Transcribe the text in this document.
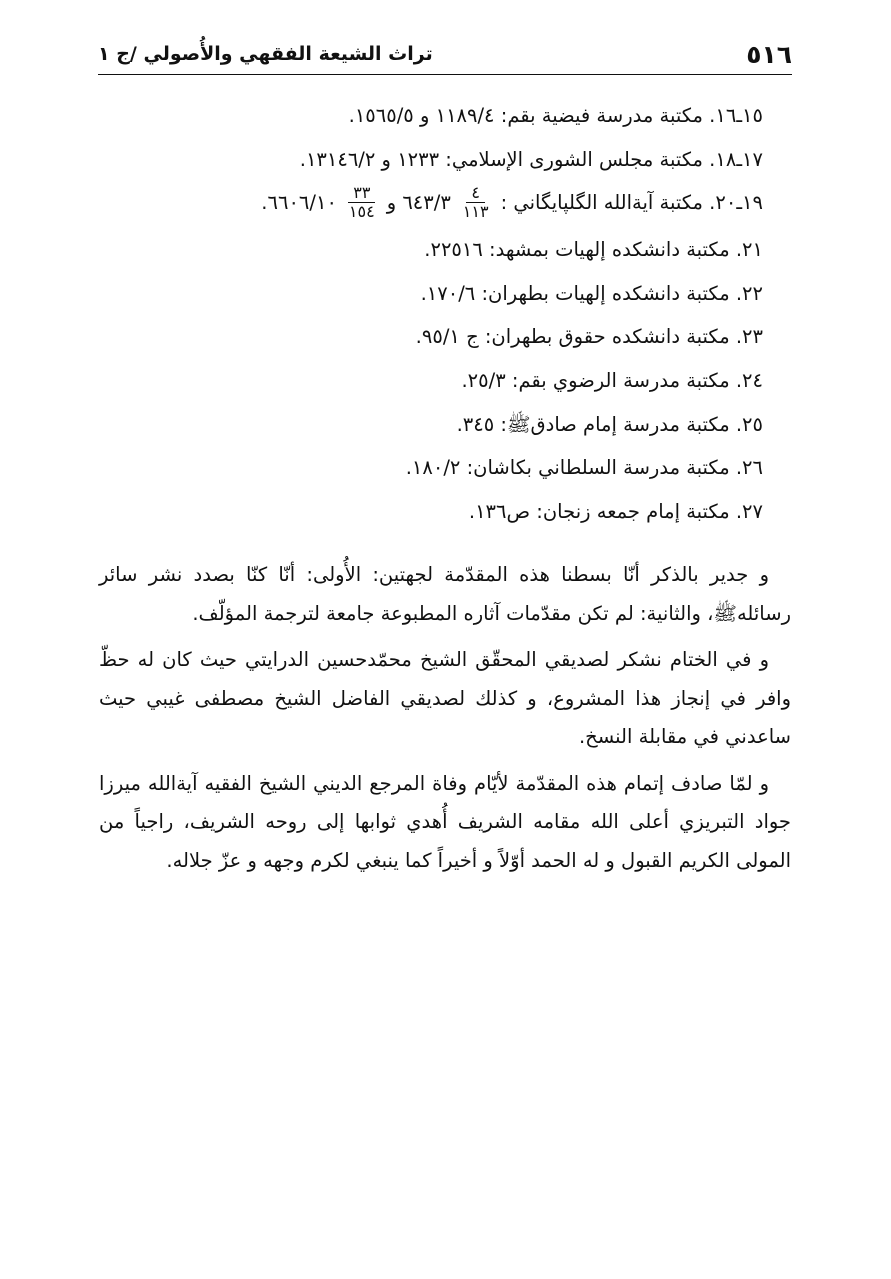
٥١٦
تراث الشيعة الفقهي والأُصولي /ج ١
١٥ـ١٦. مكتبة مدرسة فيضية بقم: ١١٨٩/٤ و ١٥٦٥/٥.
١٧ـ١٨. مكتبة مجلس الشورى الإسلامي: ١٢٣٣ و ١٣١٤٦/٢.
١٩ـ٢٠. مكتبة آيةالله الگلپايگاني :
$\frac{٤}{١١٣}$
٦٤٣/٣ و
$\frac{٣٣}{١٥٤}$
٦٦٠٦/١٠.
٢١. مكتبة دانشكده إلهيات بمشهد: ٢٢٥١٦.
٢٢. مكتبة دانشكده إلهيات بطهران: ١٧٠/٦.
٢٣. مكتبة دانشكده حقوق بطهران: ج ٩٥/١.
٢٤. مكتبة مدرسة الرضوي بقم: ٢٥/٣.
٢٥. مكتبة مدرسة إمام صادقﷺ: ٣٤٥.
٢٦. مكتبة مدرسة السلطاني بكاشان: ١٨٠/٢.
٢٧. مكتبة إمام جمعه زنجان: ص١٣٦.

و جدير بالذكر أنّا بسطنا هذه المقدّمة لجهتين: الأُولى: أنّا كنّا بصدد نشر سائر رسائلهﷺ، والثانية: لم تكن مقدّمات آثاره المطبوعة جامعة لترجمة المؤلّف.

و في الختام نشكر لصديقي المحقّق الشيخ محمّدحسين الدرايتي حيث كان له حظّ وافر في إنجاز هذا المشروع، و كذلك لصديقي الفاضل الشيخ مصطفى غيبي حيث ساعدني في مقابلة النسخ.

و لمّا صادف إتمام هذه المقدّمة لأيّام وفاة المرجع الديني الشيخ الفقيه آيةالله ميرزا جواد التبريزي أعلى الله مقامه الشريف أُهدي ثوابها إلى روحه الشريف، راجياً من المولى الكريم القبول و له الحمد أوّلاً و أخيراً كما ينبغي لكرم وجهه و عزّ جلاله.
